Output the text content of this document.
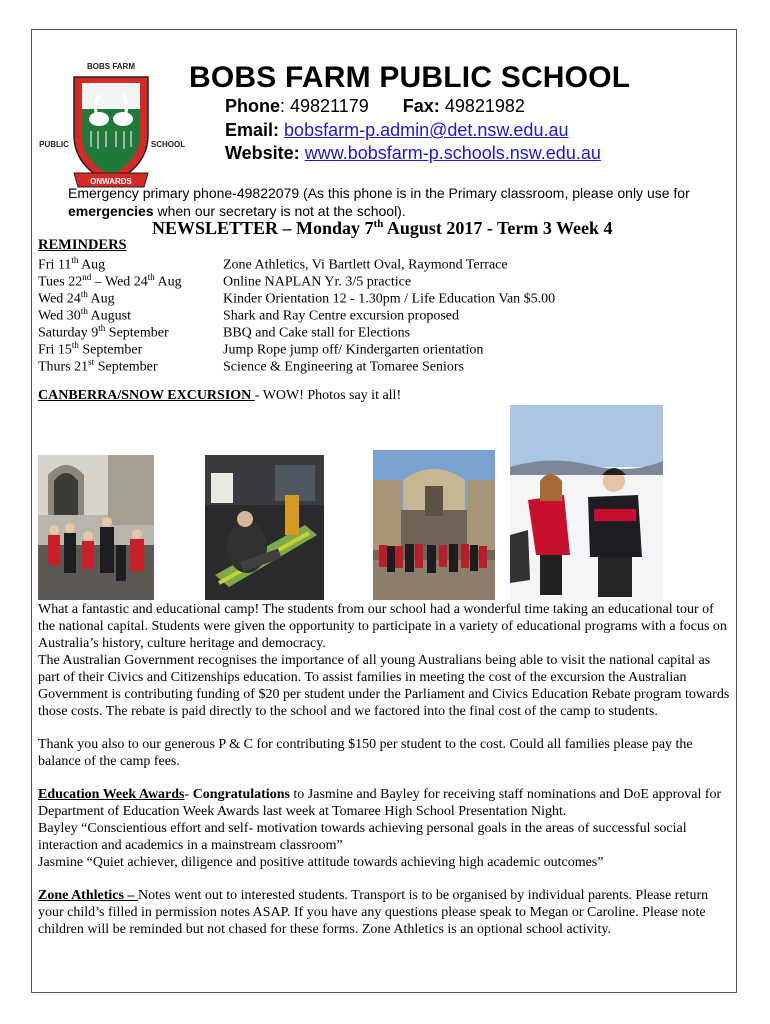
BOBS FARM
PUBLIC	SCHOOL
ONWARDS
BOBS FARM PUBLIC SCHOOL
Phone: 49821179 Fax: 49821982
Email: bobsfarm-p.admin@det.nsw.edu.au
Website: www.bobsfarm-p.schools.nsw.edu.au
Emergency primary phone-49822079 (As this phone is in the Primary classroom, please only use for emergencies when our secretary is not at the school).
NEWSLETTER – Monday 7th August 2017 - Term 3 Week 4
REMINDERS
CANBERRA/SNOW EXCURSION - WOW! Photos say it all!
What a fantastic and educational camp! The students from our school had a wonderful time taking an educational tour of the national capital. Students were given the opportunity to participate in a variety of educational programs with a focus on Australia’s history, culture heritage and democracy.
The Australian Government recognises the importance of all young Australians being able to visit the national capital as part of their Civics and Citizenships education. To assist families in meeting the cost of the excursion the Australian Government is contributing funding of $20 per student under the Parliament and Civics Education Rebate program towards those costs. The rebate is paid directly to the school and we factored into the final cost of the camp to students.
Thank you also to our generous P & C for contributing $150 per student to the cost. Could all families please pay the balance of the camp fees.
Education Week Awards- Congratulations to Jasmine and Bayley for receiving staff nominations and DoE approval for Department of Education Week Awards last week at Tomaree High School Presentation Night.
Bayley “Conscientious effort and self- motivation towards achieving personal goals in the areas of successful social interaction and academics in a mainstream classroom”
Jasmine “Quiet achiever, diligence and positive attitude towards achieving high academic outcomes”
Zone Athletics – Notes went out to interested students. Transport is to be organised by individual parents. Please return your child’s filled in permission notes ASAP. If you have any questions please speak to Megan or Caroline. Please note children will be reminded but not chased for these forms. Zone Athletics is an optional school activity.
Fri 11th Aug	Zone Athletics, Vi Bartlett Oval, Raymond Terrace
Tues 22nd – Wed 24th Aug	Online NAPLAN Yr. 3/5 practice
Wed 24th Aug	Kinder Orientation 12 - 1.30pm / Life Education Van $5.00
Wed 30th August	Shark and Ray Centre excursion proposed
Saturday 9th September	BBQ and Cake stall for Elections
Fri 15th September	Jump Rope jump off/ Kindergarten orientation
Thurs 21st September	Science & Engineering at Tomaree Seniors
